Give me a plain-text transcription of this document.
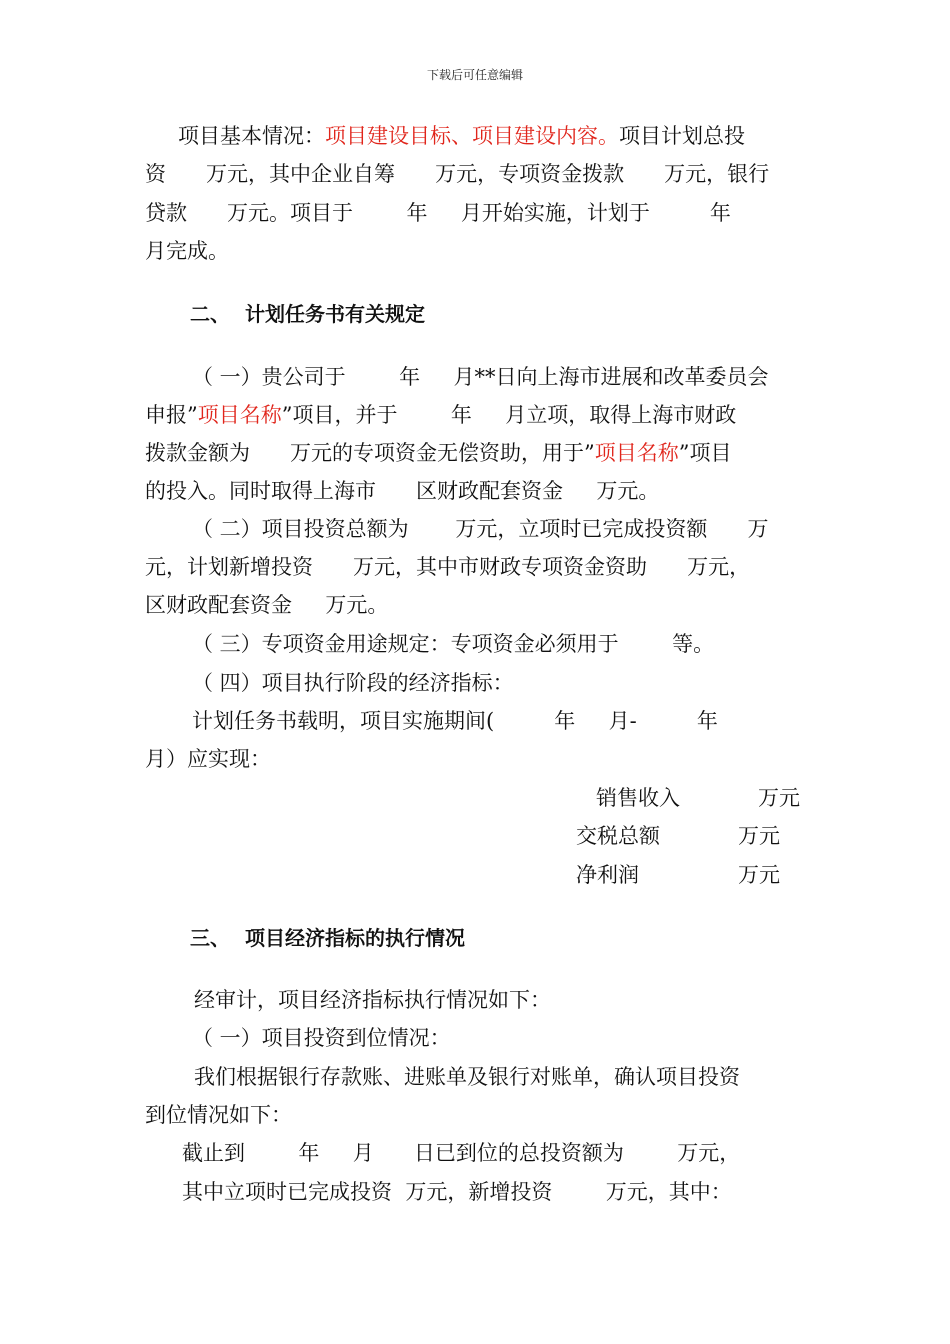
下载后可任意编辑
项目基本情况：项目建设目标、项目建设内容。项目计划总投
资      万元，其中企业自筹      万元，专项资金拨款      万元，银行
贷款      万元。项目于        年     月开始实施，计划于         年
月完成。
二、 计划任务书有关规定
（ 一）贵公司于        年     月**日向上海市进展和改革委员会
申报”项目名称”项目，并于        年     月立项，取得上海市财政
拨款金额为      万元的专项资金无偿资助，用于”项目名称”项目
的投入。同时取得上海市      区财政配套资金     万元。
（ 二）项目投资总额为       万元，立项时已完成投资额      万
元，计划新增投资      万元，其中市财政专项资金资助      万元，
区财政配套资金     万元。
（ 三）专项资金用途规定：专项资金必须用于        等。
（ 四）项目执行阶段的经济指标：
计划任务书载明，项目实施期间(         年     月-         年
月）应实现：
销售收入	万元
交税总额	万元
净利润	万元
三、 项目经济指标的执行情况
经审计，项目经济指标执行情况如下：
（ 一）项目投资到位情况：
我们根据银行存款账、进账单及银行对账单，确认项目投资
到位情况如下：
截止到        年     月      日已到位的总投资额为        万元，
其中立项时已完成投资  万元，新增投资        万元，其中：
